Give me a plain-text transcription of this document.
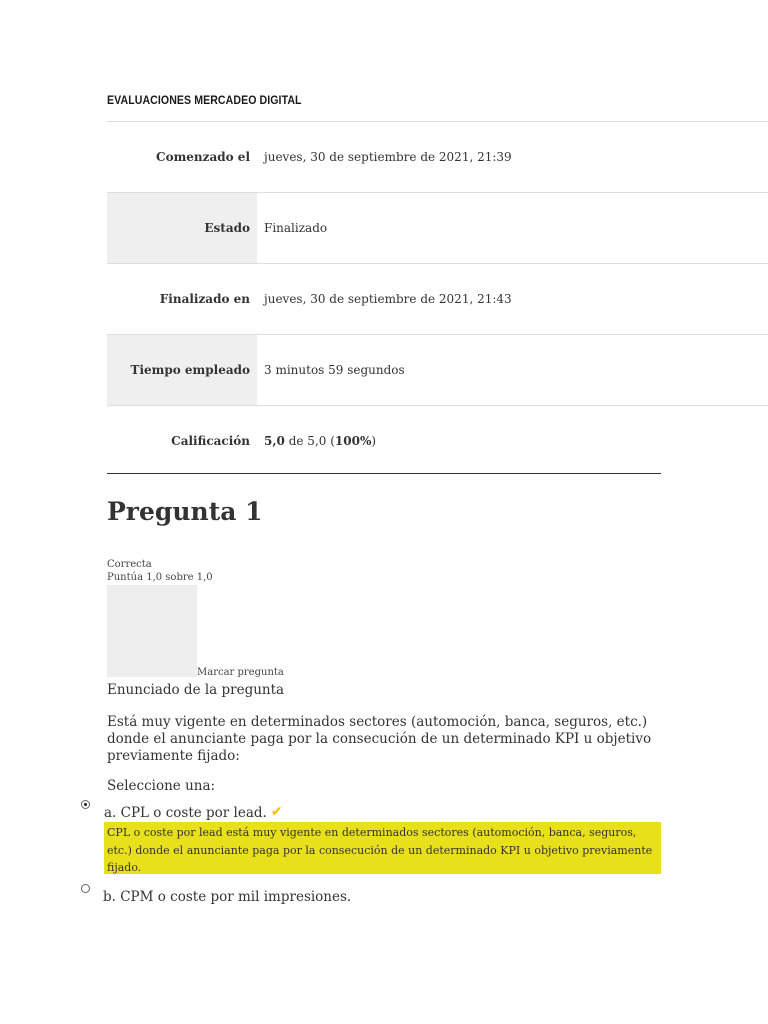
EVALUACIONES MERCADEO DIGITAL
Comenzado el	jueves, 30 de septiembre de 2021, 21:39
Estado	Finalizado
Finalizado en	jueves, 30 de septiembre de 2021, 21:43
Tiempo empleado	3 minutos 59 segundos
Calificación	5,0 de 5,0 (100%)
Pregunta 1
Correcta
Puntúa 1,0 sobre 1,0
Marcar pregunta
Enunciado de la pregunta
Está muy vigente en determinados sectores (automoción, banca, seguros, etc.) donde el anunciante paga por la consecución de un determinado KPI u objetivo previamente fijado:
Seleccione una:
a. CPL o coste por lead. ✔
CPL o coste por lead está muy vigente en determinados sectores (automoción, banca, seguros, etc.) donde el anunciante paga por la consecución de un determinado KPI u objetivo previamente fijado.
b. CPM o coste por mil impresiones.
